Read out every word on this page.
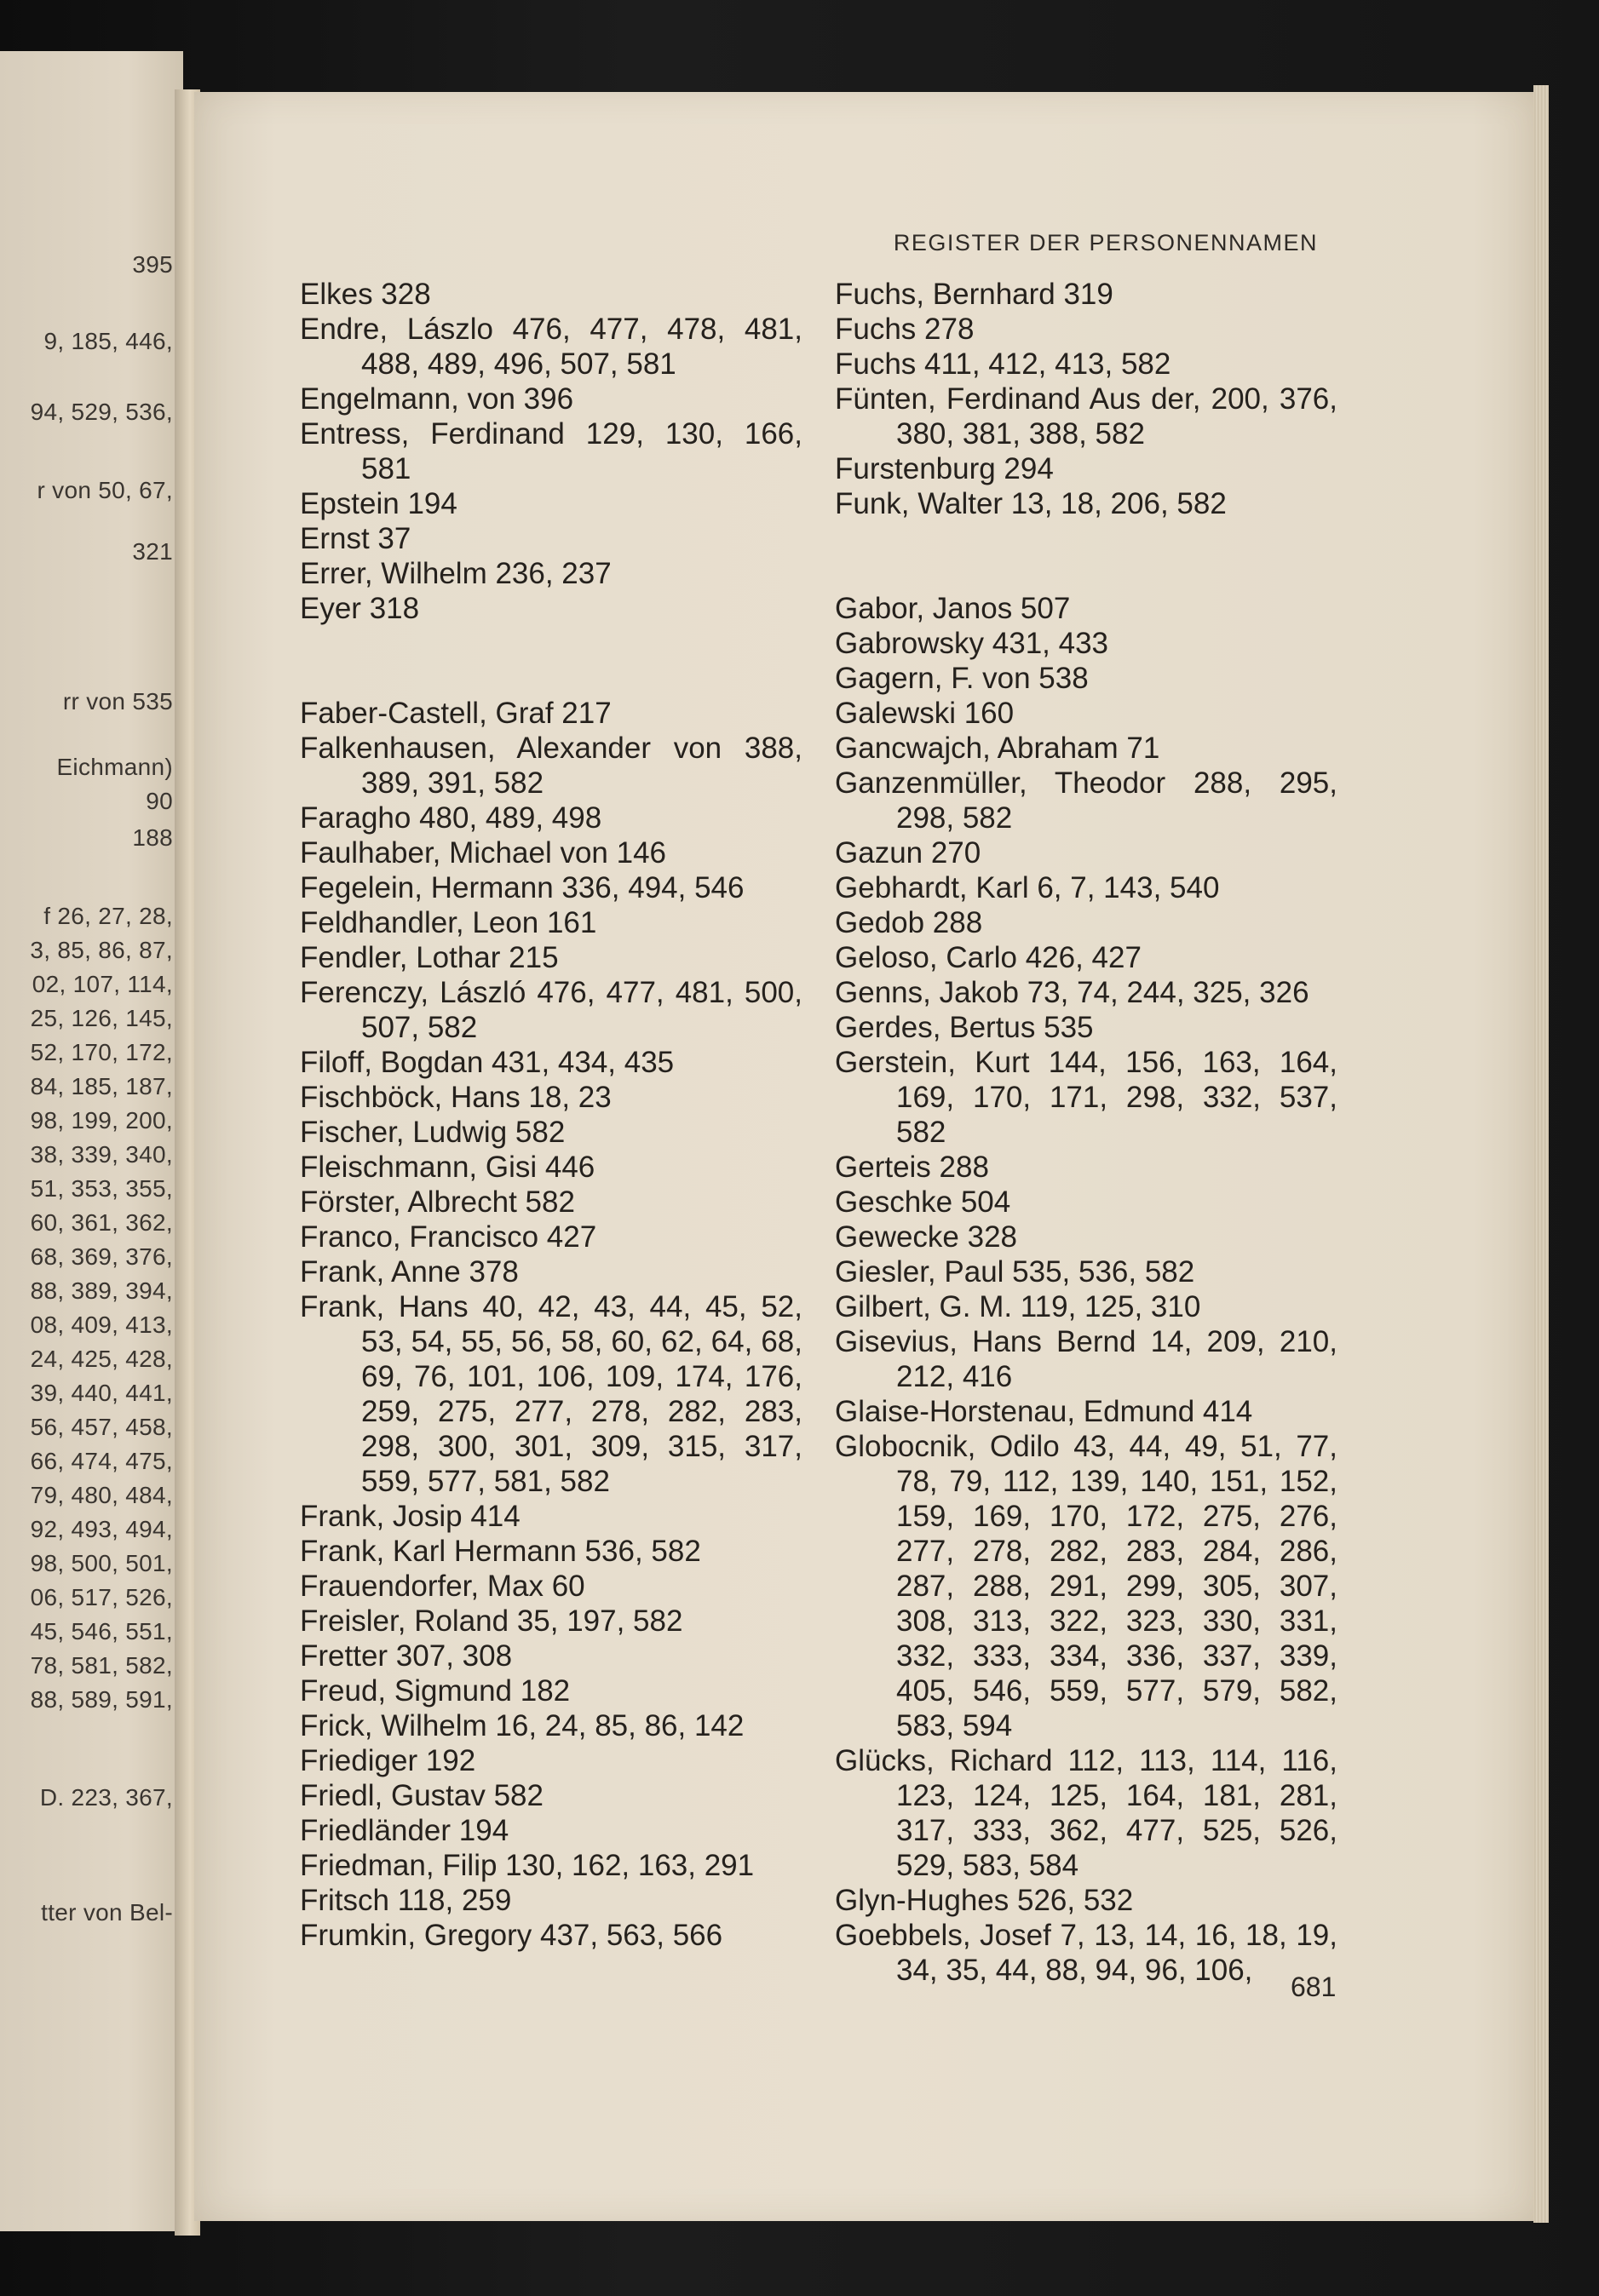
395
9, 185, 446,
94, 529, 536,
r von 50, 67,
321
rr von 535
Eichmann)
90
188
f 26, 27, 28,
3, 85, 86, 87,
02, 107, 114,
25, 126, 145,
52, 170, 172,
84, 185, 187,
98, 199, 200,
38, 339, 340,
51, 353, 355,
60, 361, 362,
68, 369, 376,
88, 389, 394,
08, 409, 413,
24, 425, 428,
39, 440, 441,
56, 457, 458,
66, 474, 475,
79, 480, 484,
92, 493, 494,
98, 500, 501,
06, 517, 526,
45, 546, 551,
78, 581, 582,
88, 589, 591,
D. 223, 367,
tter von Bel-
REGISTER DER PERSONENNAMEN
Elkes 328
Endre, Lászlo 476, 477, 478, 481, 488, 489, 496, 507, 581
Engelmann, von 396
Entress, Ferdinand 129, 130, 166, 581
Epstein 194
Ernst 37
Errer, Wilhelm 236, 237
Eyer 318
Faber-Castell, Graf 217
Falkenhausen, Alexander von 388, 389, 391, 582
Faragho 480, 489, 498
Faulhaber, Michael von 146
Fegelein, Hermann 336, 494, 546
Feldhandler, Leon 161
Fendler, Lothar 215
Ferenczy, László 476, 477, 481, 500, 507, 582
Filoff, Bogdan 431, 434, 435
Fischböck, Hans 18, 23
Fischer, Ludwig 582
Fleischmann, Gisi 446
Förster, Albrecht 582
Franco, Francisco 427
Frank, Anne 378
Frank, Hans 40, 42, 43, 44, 45, 52, 53, 54, 55, 56, 58, 60, 62, 64, 68, 69, 76, 101, 106, 109, 174, 176, 259, 275, 277, 278, 282, 283, 298, 300, 301, 309, 315, 317, 559, 577, 581, 582
Frank, Josip 414
Frank, Karl Hermann 536, 582
Frauendorfer, Max 60
Freisler, Roland 35, 197, 582
Fretter 307, 308
Freud, Sigmund 182
Frick, Wilhelm 16, 24, 85, 86, 142
Friediger 192
Friedl, Gustav 582
Friedländer 194
Friedman, Filip 130, 162, 163, 291
Fritsch 118, 259
Frumkin, Gregory 437, 563, 566
Fuchs, Bernhard 319
Fuchs 278
Fuchs 411, 412, 413, 582
Fünten, Ferdinand Aus der, 200, 376, 380, 381, 388, 582
Furstenburg 294
Funk, Walter 13, 18, 206, 582
Gabor, Janos 507
Gabrowsky 431, 433
Gagern, F. von 538
Galewski 160
Gancwajch, Abraham 71
Ganzenmüller, Theodor 288, 295, 298, 582
Gazun 270
Gebhardt, Karl 6, 7, 143, 540
Gedob 288
Geloso, Carlo 426, 427
Genns, Jakob 73, 74, 244, 325, 326
Gerdes, Bertus 535
Gerstein, Kurt 144, 156, 163, 164, 169, 170, 171, 298, 332, 537, 582
Gerteis 288
Geschke 504
Gewecke 328
Giesler, Paul 535, 536, 582
Gilbert, G. M. 119, 125, 310
Gisevius, Hans Bernd 14, 209, 210, 212, 416
Glaise-Horstenau, Edmund 414
Globocnik, Odilo 43, 44, 49, 51, 77, 78, 79, 112, 139, 140, 151, 152, 159, 169, 170, 172, 275, 276, 277, 278, 282, 283, 284, 286, 287, 288, 291, 299, 305, 307, 308, 313, 322, 323, 330, 331, 332, 333, 334, 336, 337, 339, 405, 546, 559, 577, 579, 582, 583, 594
Glücks, Richard 112, 113, 114, 116, 123, 124, 125, 164, 181, 281, 317, 333, 362, 477, 525, 526, 529, 583, 584
Glyn-Hughes 526, 532
Goebbels, Josef 7, 13, 14, 16, 18, 19, 34, 35, 44, 88, 94, 96, 106,	681
